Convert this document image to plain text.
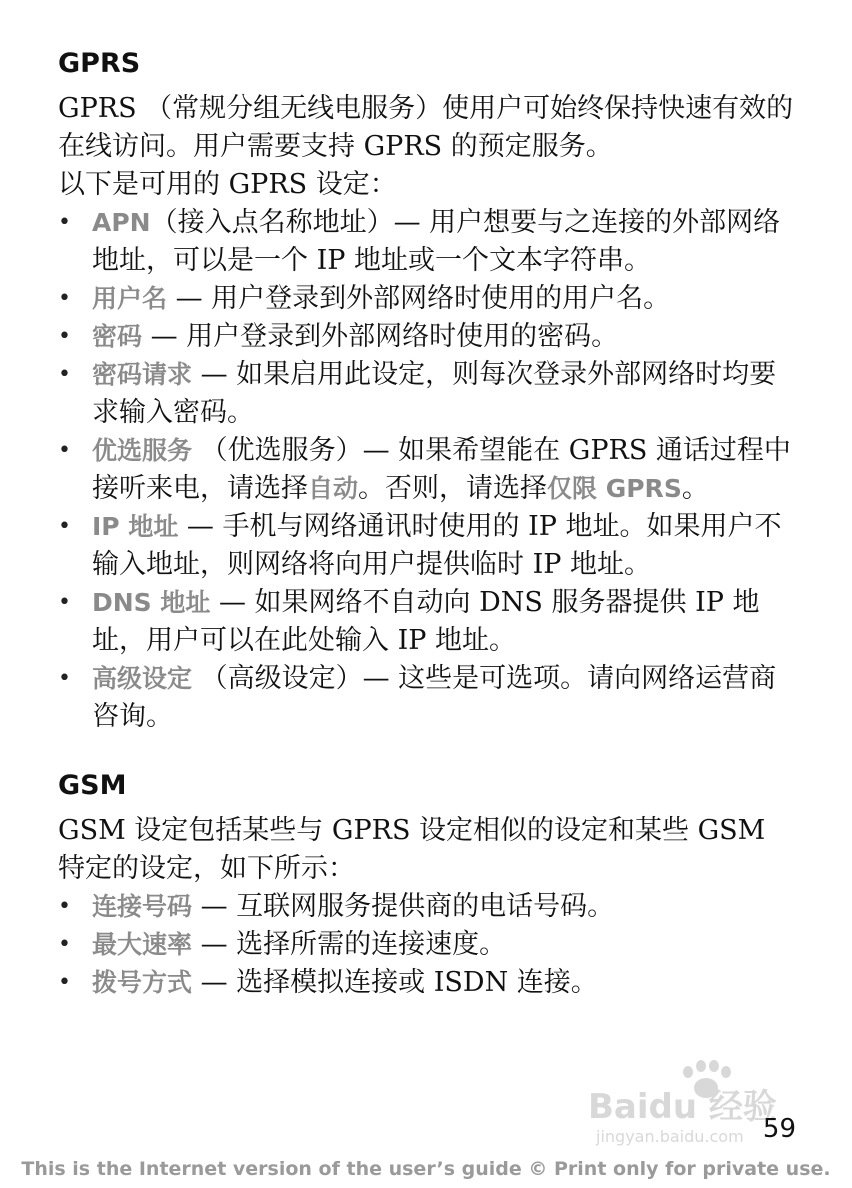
GPRS

GPRS （常规分组无线电服务）使用户可始终保持快速有效的在线访问。用户需要支持 GPRS 的预定服务。

以下是可用的 GPRS 设定：

• APN（接入点名称地址）— 用户想要与之连接的外部网络地址，可以是一个 IP 地址或一个文本字符串。
• 用户名 — 用户登录到外部网络时使用的用户名。
• 密码 — 用户登录到外部网络时使用的密码。
• 密码请求 — 如果启用此设定，则每次登录外部网络时均要求输入密码。
• 优选服务 （优选服务）— 如果希望能在 GPRS 通话过程中接听来电，请选择自动。否则，请选择仅限 GPRS。
• IP 地址 — 手机与网络通讯时使用的 IP 地址。如果用户不输入地址，则网络将向用户提供临时 IP 地址。
• DNS 地址 — 如果网络不自动向 DNS 服务器提供 IP 地址，用户可以在此处输入 IP 地址。
• 高级设定 （高级设定）— 这些是可选项。请向网络运营商咨询。
GSM

GSM 设定包括某些与 GPRS 设定相似的设定和某些 GSM 特定的设定，如下所示：

• 连接号码 — 互联网服务提供商的电话号码。
• 最大速率 — 选择所需的连接速度。
• 拨号方式 — 选择模拟连接或 ISDN 连接。
Baidu 经验
jingyan.baidu.com 59
This is the Internet version of the user’s guide © Print only for private use.
